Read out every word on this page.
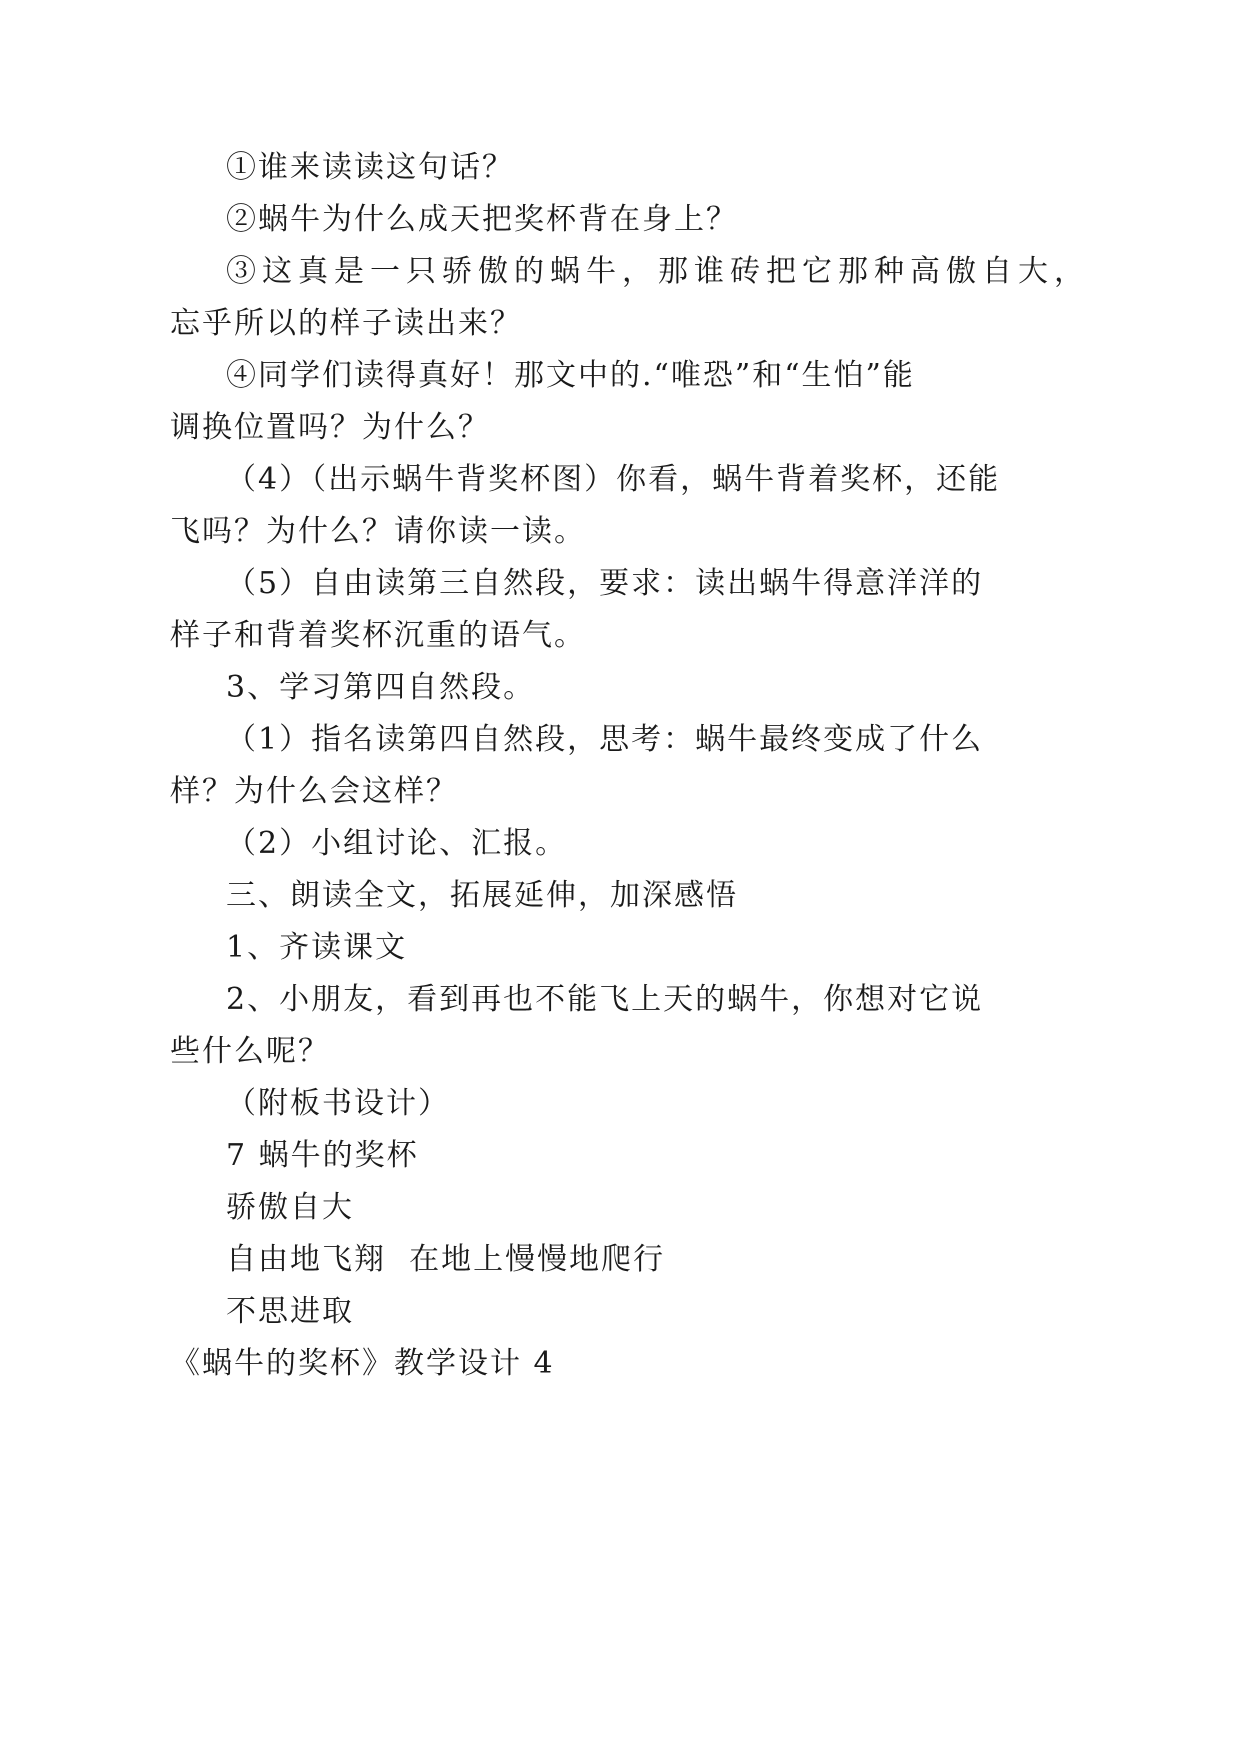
①谁来读读这句话？
②蜗牛为什么成天把奖杯背在身上？
③这真是一只骄傲的蜗牛，那谁砖把它那种高傲自大，
忘乎所以的样子读出来？
④同学们读得真好！那文中的.“唯恐”和“生怕”能
调换位置吗？为什么？
（4）（出示蜗牛背奖杯图）你看，蜗牛背着奖杯，还能
飞吗？为什么？请你读一读。
（5）自由读第三自然段，要求：读出蜗牛得意洋洋的
样子和背着奖杯沉重的语气。
3、学习第四自然段。
（1）指名读第四自然段，思考：蜗牛最终变成了什么
样？为什么会这样？
（2）小组讨论、汇报。
三、朗读全文，拓展延伸，加深感悟
1、齐读课文
2、小朋友，看到再也不能飞上天的蜗牛，你想对它说
些什么呢？
（附板书设计）
7 蜗牛的奖杯
骄傲自大
自由地飞翔  在地上慢慢地爬行
不思进取
《蜗牛的奖杯》教学设计 4
